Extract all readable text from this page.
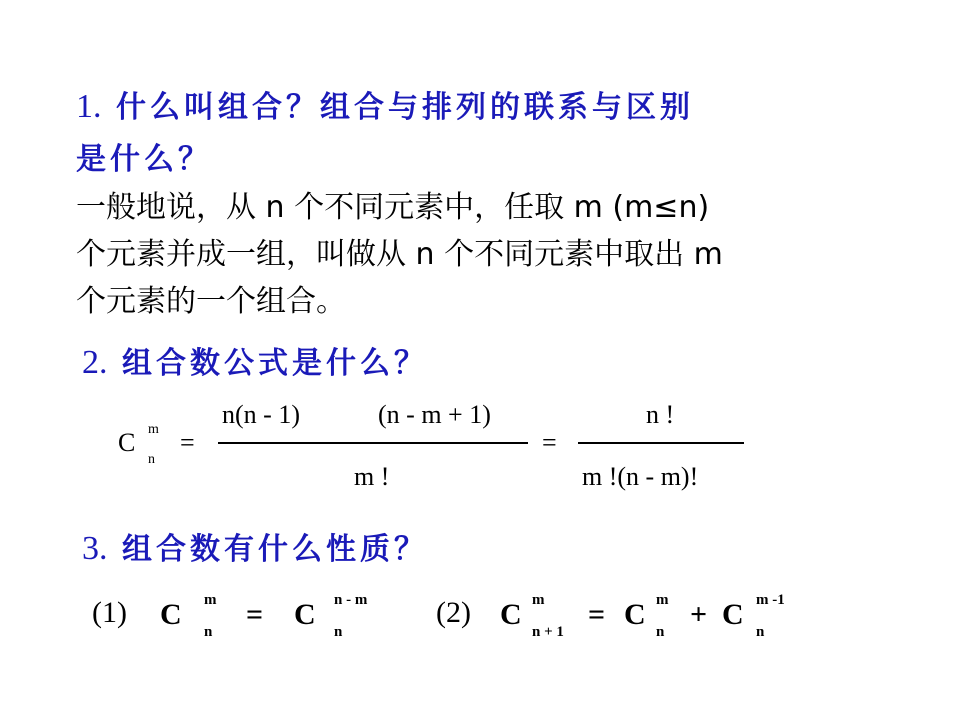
1. 什么叫组合？组合与排列的联系与区别
是什么？
一般地说，从 n 个不同元素中，任取 m (m≤n)
个元素并成一组，叫做从 n 个不同元素中取出 m
个元素的一个组合。
2. 组合数公式是什么？
C m
n
=
n(n - 1)	(n - m + 1)
m !
=
n !
m !(n - m)!
3. 组合数有什么性质？
(1) C m
n
= C n - m
n
(2) C m
n + 1
= C m
n
+ C m -1
n
